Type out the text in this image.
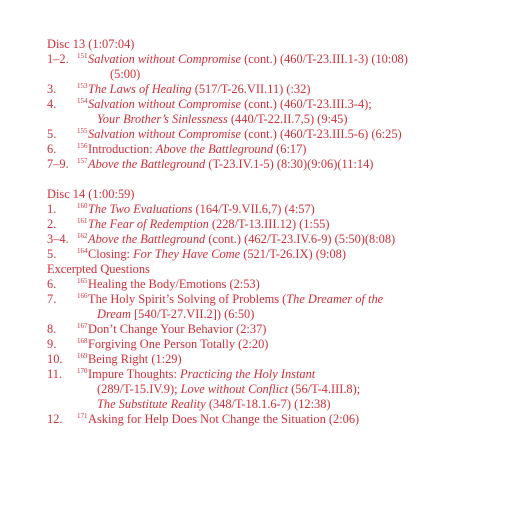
Disc 13 (1:07:04)
1–2. $^{151}$Salvation without Compromise (cont.) (460/T-23.III.1-3) (10:08)
(5:00)
3.	$^{153}$The Laws of Healing (517/T-26.VII.11) (:32)
4.	$^{154}$Salvation without Compromise (cont.) (460/T-23.III.3-4);
Your Brother’s Sinlessness (440/T-22.II.7,5) (9:45)
5.	$^{155}$Salvation without Compromise (cont.) (460/T-23.III.5-6) (6:25)
6.	$^{156}$Introduction: Above the Battleground (6:17)
7–9. $^{157}$Above the Battleground (T-23.IV.1-5) (8:30)(9:06)(11:14)
Disc 14 (1:00:59)
1.	$^{160}$The Two Evaluations (164/T-9.VII.6,7) (4:57)
2.	$^{161}$The Fear of Redemption (228/T-13.III.12) (1:55)
3–4. $^{162}$Above the Battleground (cont.) (462/T-23.IV.6-9) (5:50)(8:08)
5.	$^{164}$Closing: For They Have Come (521/T-26.IX) (9:08)
Excerpted Questions
6.	$^{165}$Healing the Body/Emotions (2:53)
7.	$^{166}$The Holy Spirit’s Solving of Problems (The Dreamer of the
Dream [540/T-27.VII.2]) (6:50)
8.	$^{167}$Don’t Change Your Behavior (2:37)
9.	$^{168}$Forgiving One Person Totally (2:20)
10. $^{169}$Being Right (1:29)
11. $^{170}$Impure Thoughts: Practicing the Holy Instant
(289/T-15.IV.9); Love without Conflict (56/T-4.III.8);
The Substitute Reality (348/T-18.1.6-7) (12:38)
12. $^{171}$Asking for Help Does Not Change the Situation (2:06)
